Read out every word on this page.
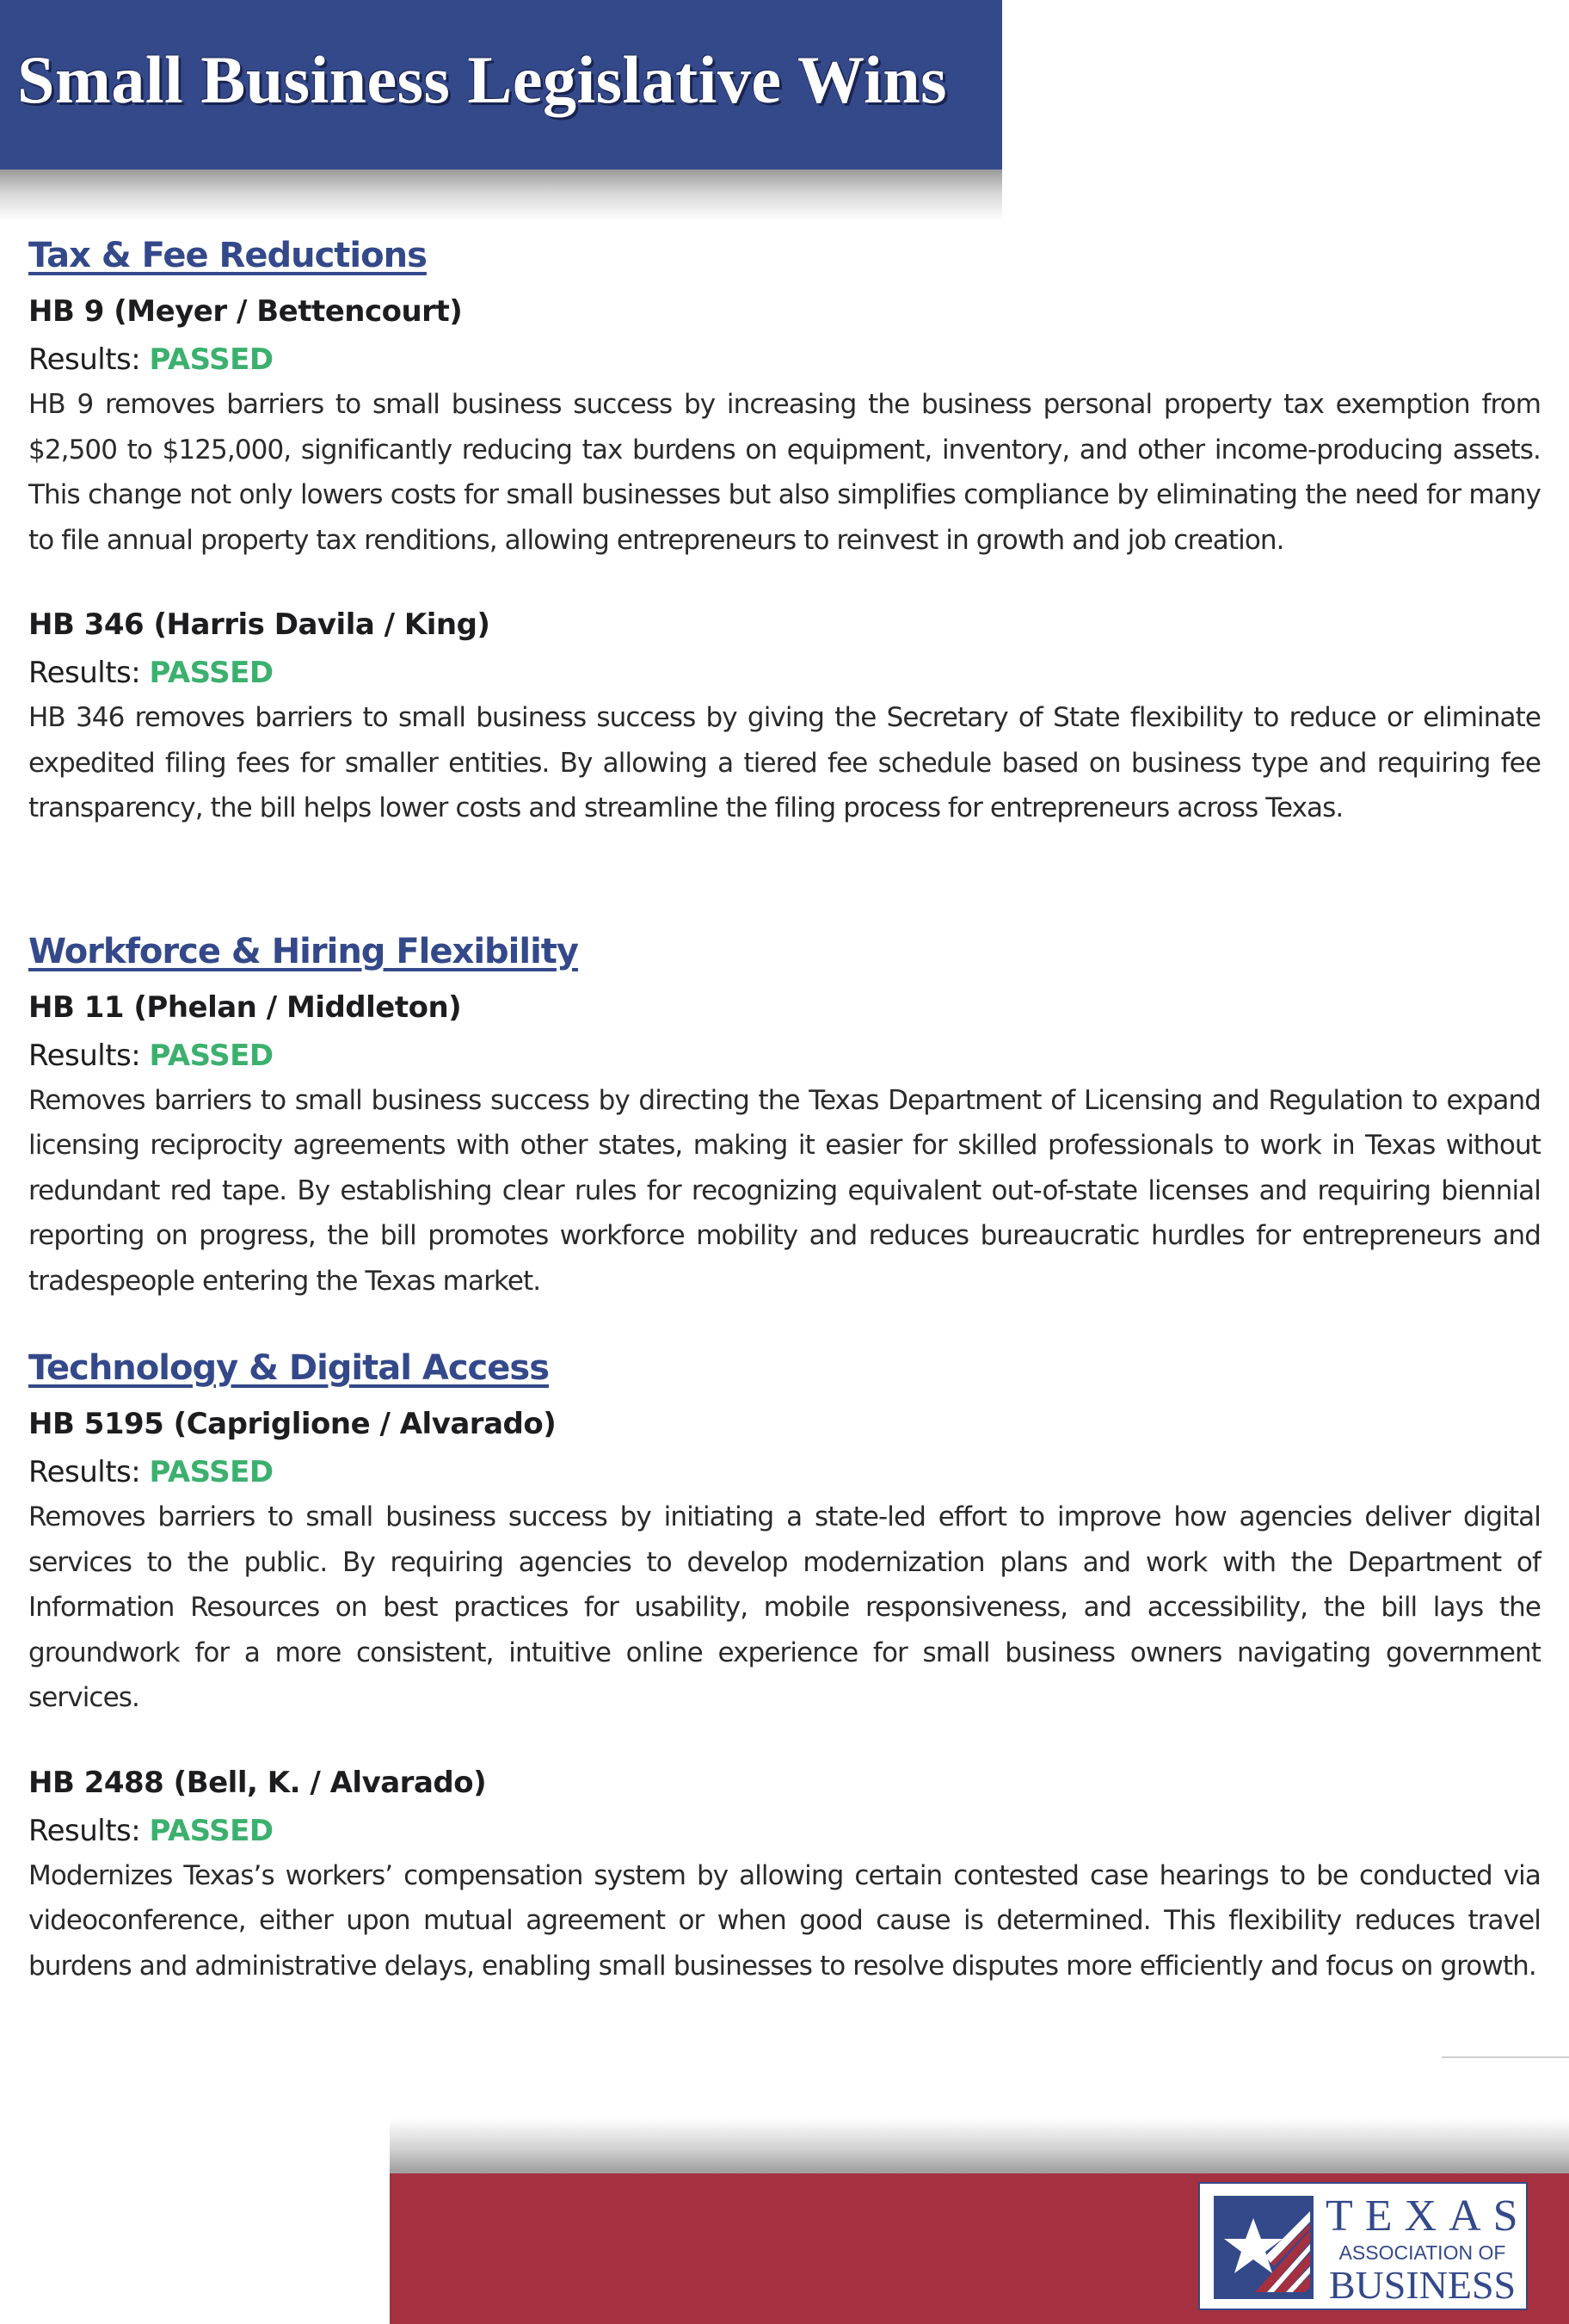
Small Business Legislative Wins
Tax & Fee Reductions

HB 9 (Meyer / Bettencourt)

Results: PASSED

HB 9 removes barriers to small business success by increasing the business personal property tax exemption from $2,500 to $125,000, significantly reducing tax burdens on equipment, inventory, and other income-producing assets. This change not only lowers costs for small businesses but also simplifies compliance by eliminating the need for many to file annual property tax renditions, allowing entrepreneurs to reinvest in growth and job creation.

HB 346 (Harris Davila / King)

Results: PASSED

HB 346 removes barriers to small business success by giving the Secretary of State flexibility to reduce or eliminate expedited filing fees for smaller entities. By allowing a tiered fee schedule based on business type and requiring fee transparency, the bill helps lower costs and streamline the filing process for entrepreneurs across Texas.

Workforce & Hiring Flexibility

HB 11 (Phelan / Middleton)

Results: PASSED

Removes barriers to small business success by directing the Texas Department of Licensing and Regulation to expand licensing reciprocity agreements with other states, making it easier for skilled professionals to work in Texas without redundant red tape. By establishing clear rules for recognizing equivalent out-of-state licenses and requiring biennial reporting on progress, the bill promotes workforce mobility and reduces bureaucratic hurdles for entrepreneurs and tradespeople entering the Texas market.

Technology & Digital Access

HB 5195 (Capriglione / Alvarado)

Results: PASSED

Removes barriers to small business success by initiating a state-led effort to improve how agencies deliver digital services to the public. By requiring agencies to develop modernization plans and work with the Department of Information Resources on best practices for usability, mobile responsiveness, and accessibility, the bill lays the groundwork for a more consistent, intuitive online experience for small business owners navigating government services.

HB 2488 (Bell, K. / Alvarado)

Results: PASSED

Modernizes Texas’s workers’ compensation system by allowing certain contested case hearings to be conducted via videoconference, either upon mutual agreement or when good cause is determined. This flexibility reduces travel burdens and administrative delays, enabling small businesses to resolve disputes more efficiently and focus on growth.

TEXAS
ASSOCIATION OF
BUSINESS
